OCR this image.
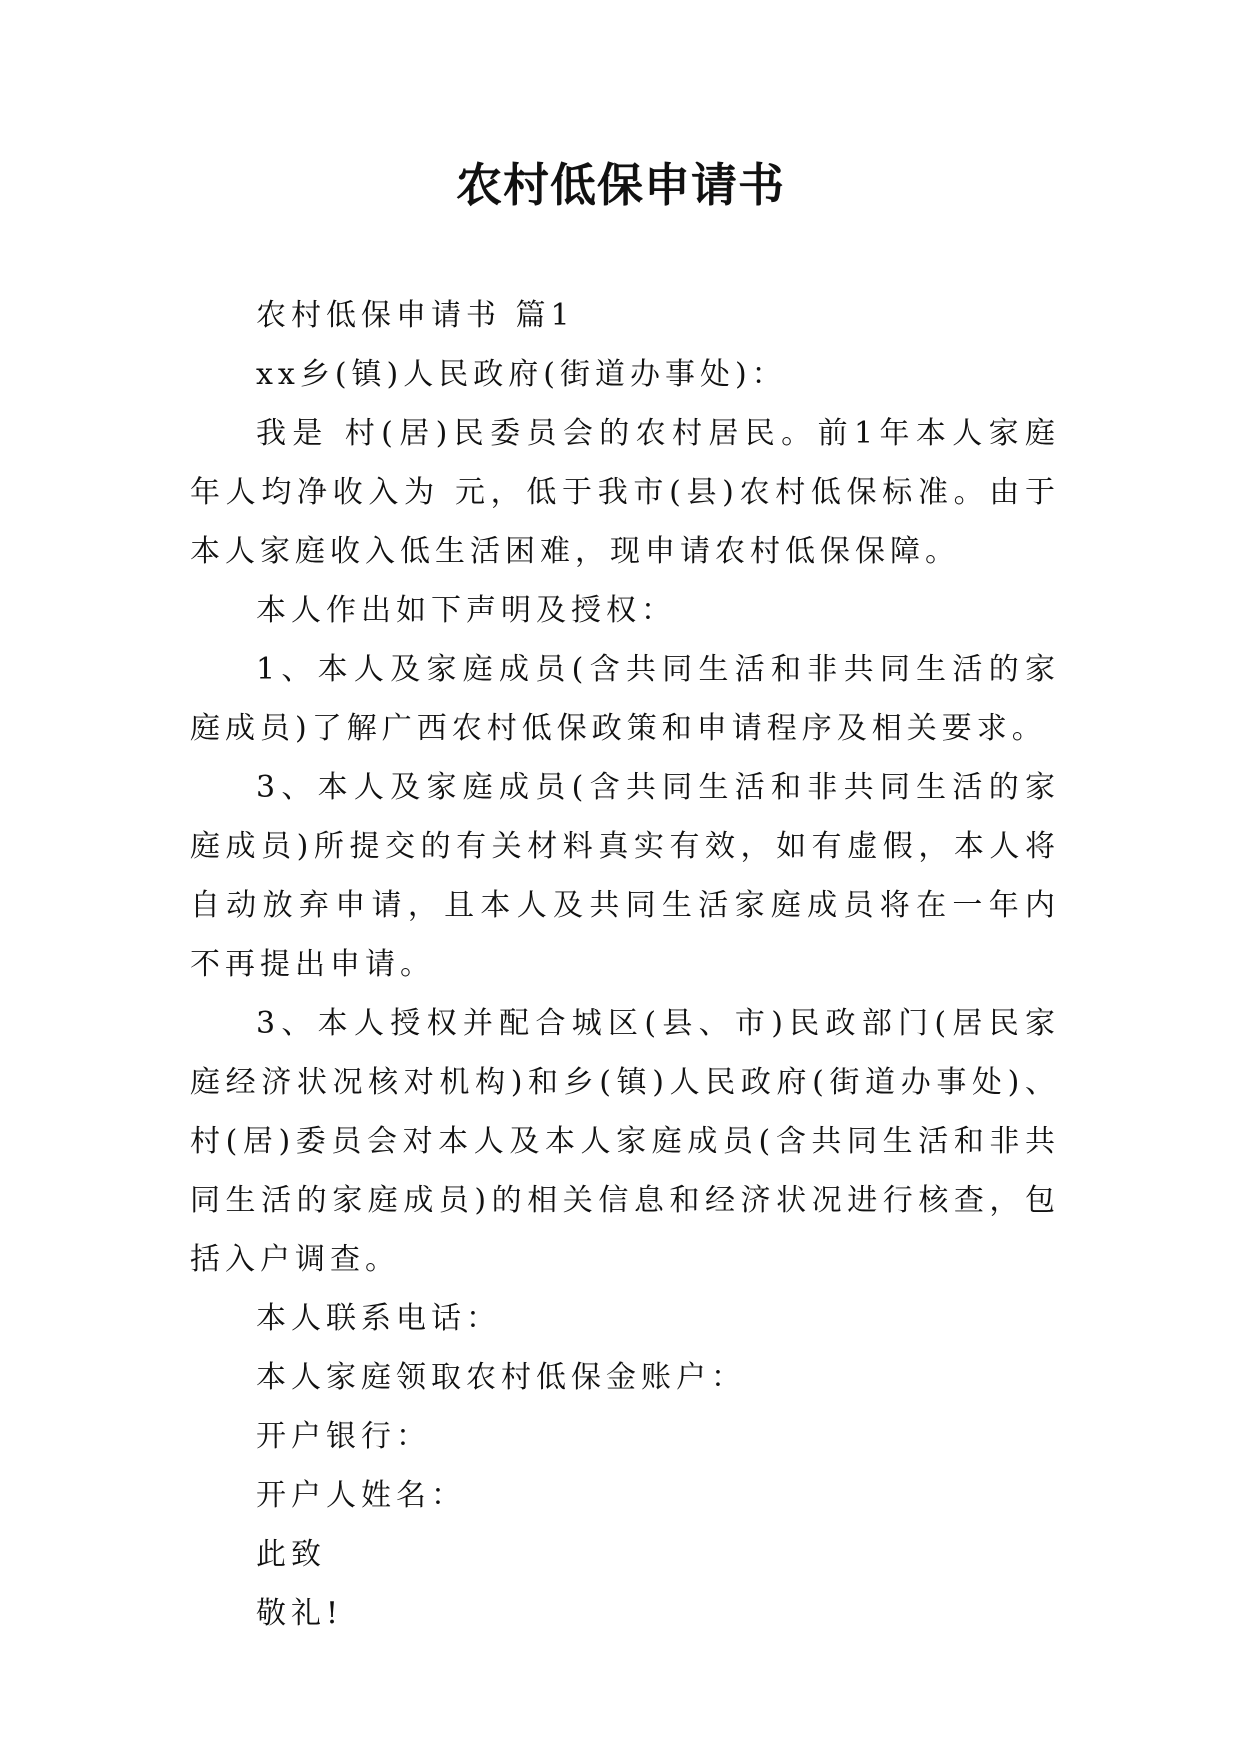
农村低保申请书

农村低保申请书 篇1

xx乡(镇)人民政府(街道办事处)：

我是 村(居)民委员会的农村居民。前1年本人家庭年人均净收入为 元，低于我市(县)农村低保标准。由于本人家庭收入低生活困难，现申请农村低保保障。

本人作出如下声明及授权：

1、本人及家庭成员(含共同生活和非共同生活的家庭成员)了解广西农村低保政策和申请程序及相关要求。

3、本人及家庭成员(含共同生活和非共同生活的家庭成员)所提交的有关材料真实有效，如有虚假，本人将自动放弃申请，且本人及共同生活家庭成员将在一年内不再提出申请。

3、本人授权并配合城区(县、市)民政部门(居民家庭经济状况核对机构)和乡(镇)人民政府(街道办事处)、村(居)委员会对本人及本人家庭成员(含共同生活和非共同生活的家庭成员)的相关信息和经济状况进行核查，包括入户调查。

本人联系电话：

本人家庭领取农村低保金账户：

开户银行：

开户人姓名：

此致

敬礼!
